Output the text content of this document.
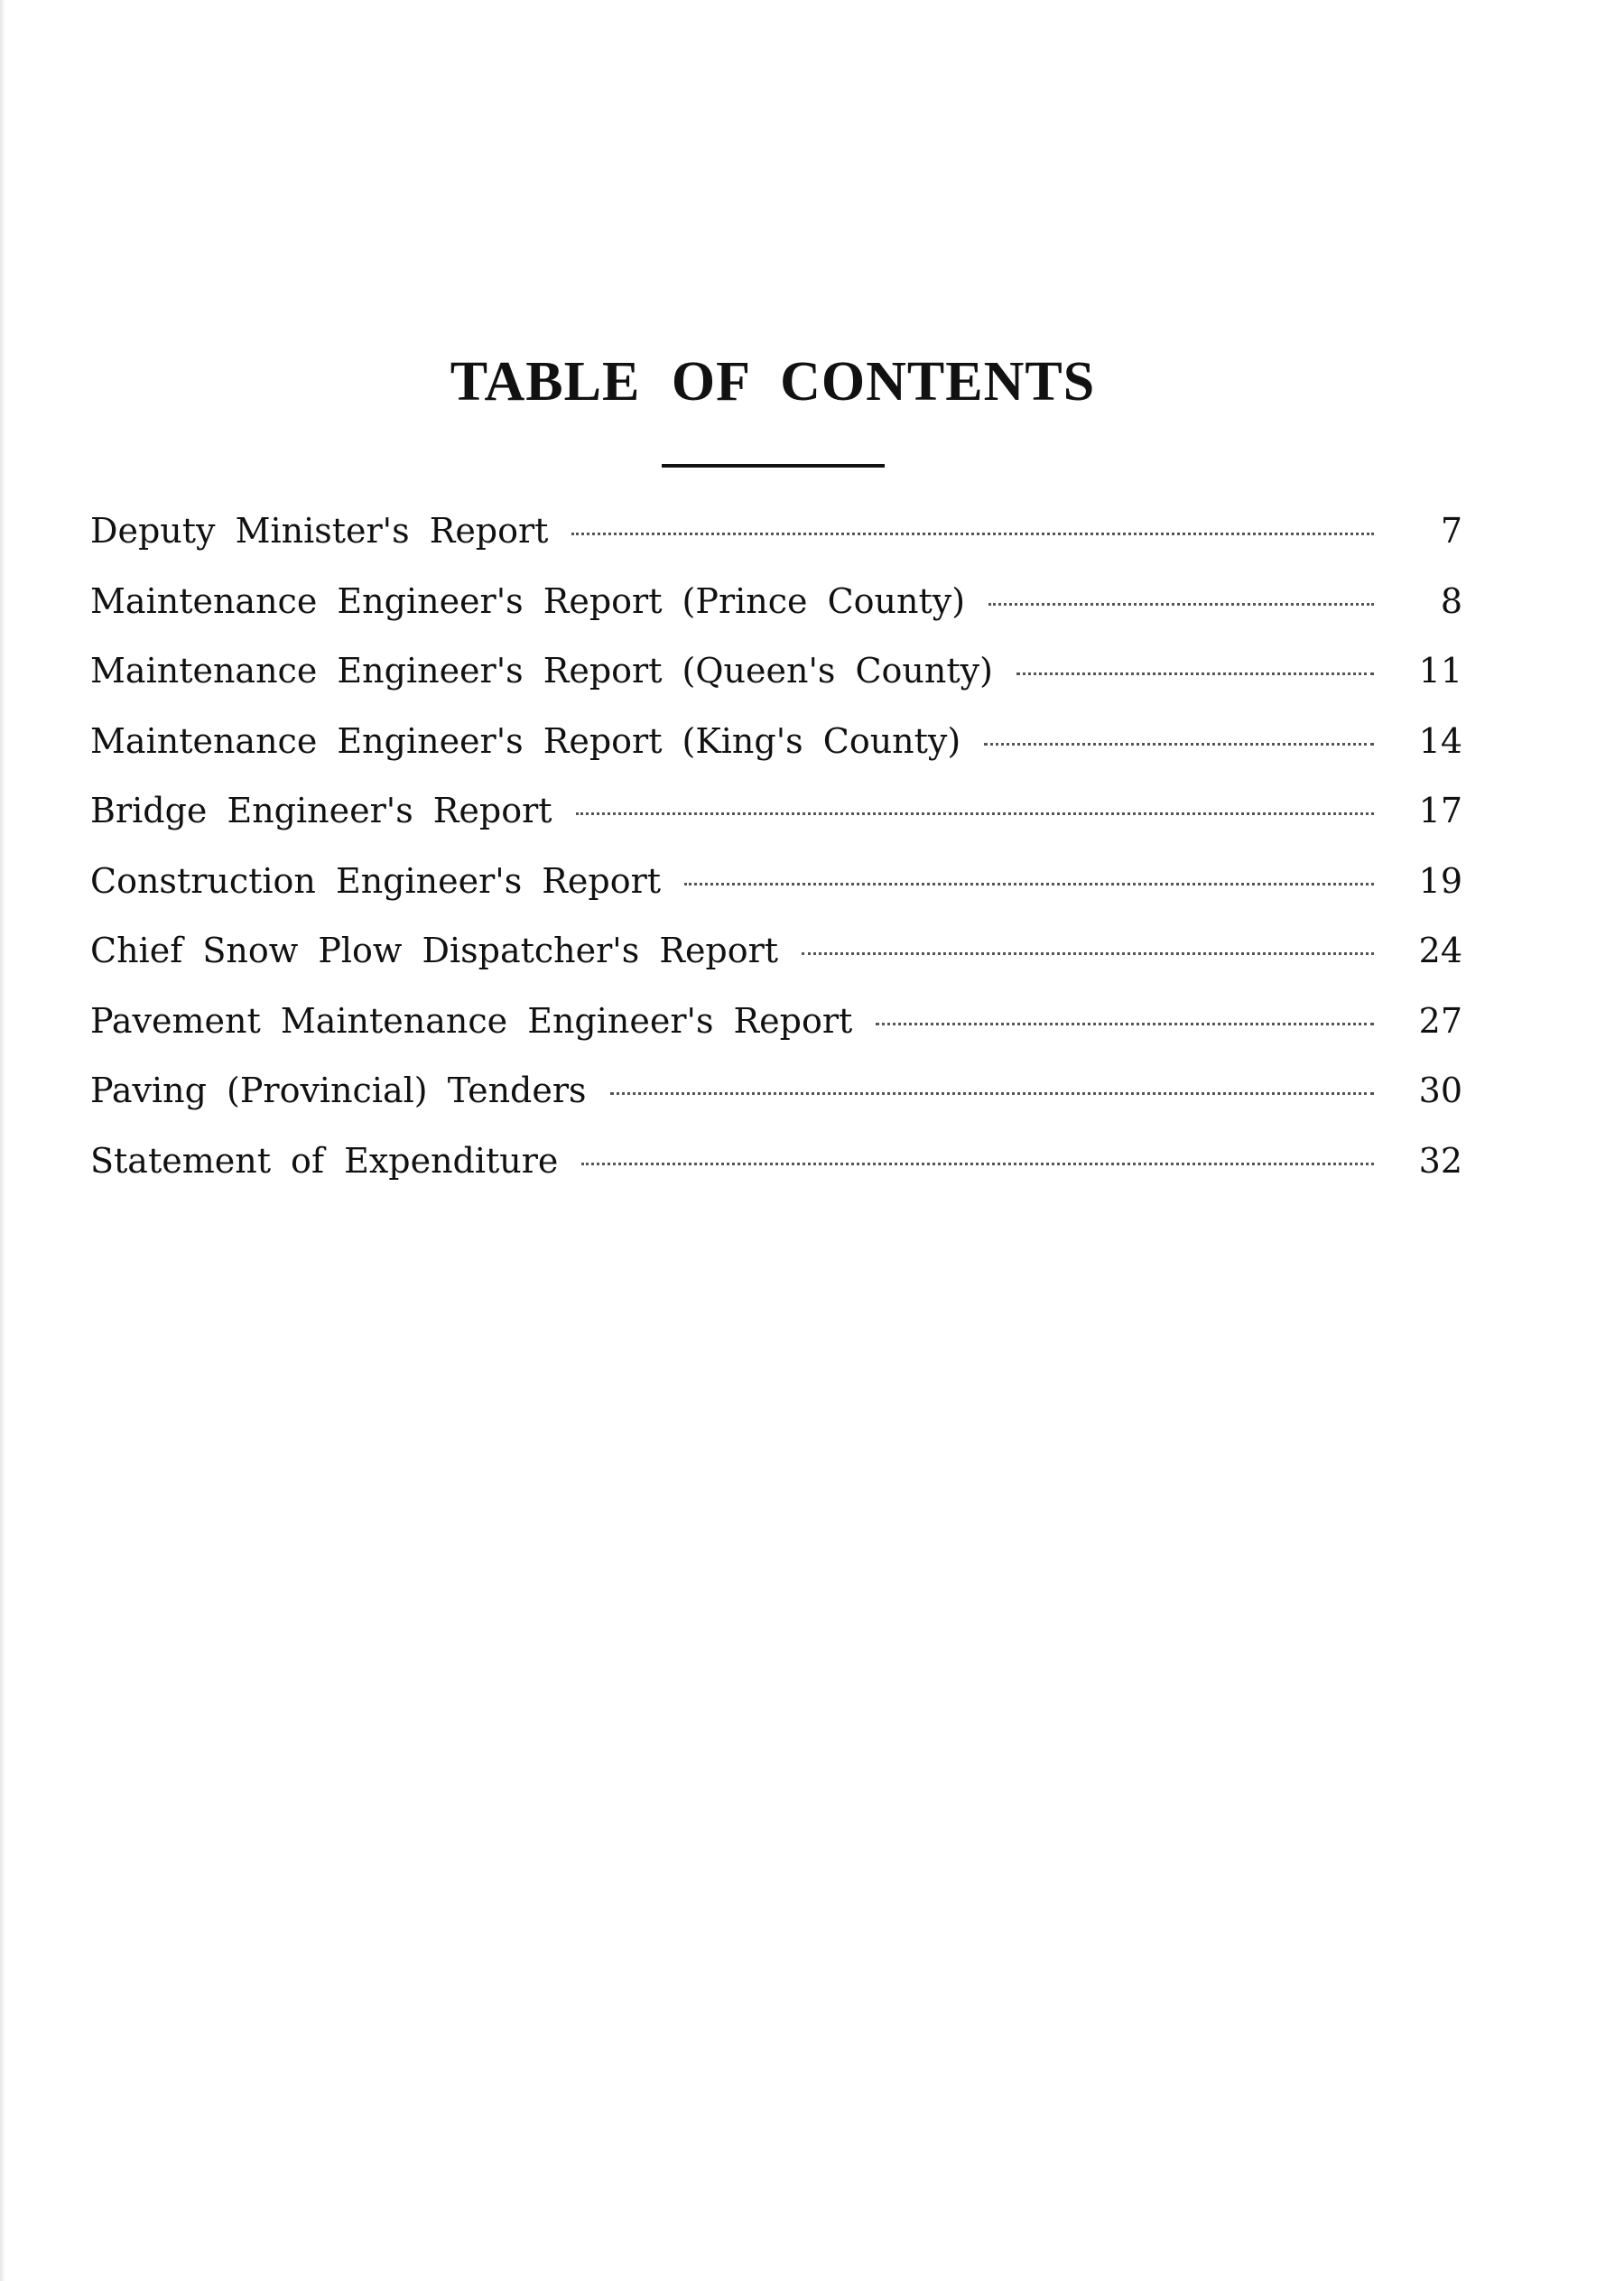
TABLE OF CONTENTS
Deputy Minister's Report	7
Maintenance Engineer's Report (Prince County)	8
Maintenance Engineer's Report (Queen's County)	11
Maintenance Engineer's Report (King's County)	14
Bridge Engineer's Report	17
Construction Engineer's Report	19
Chief Snow Plow Dispatcher's Report	24
Pavement Maintenance Engineer's Report	27
Paving (Provincial) Tenders	30
Statement of Expenditure	32
